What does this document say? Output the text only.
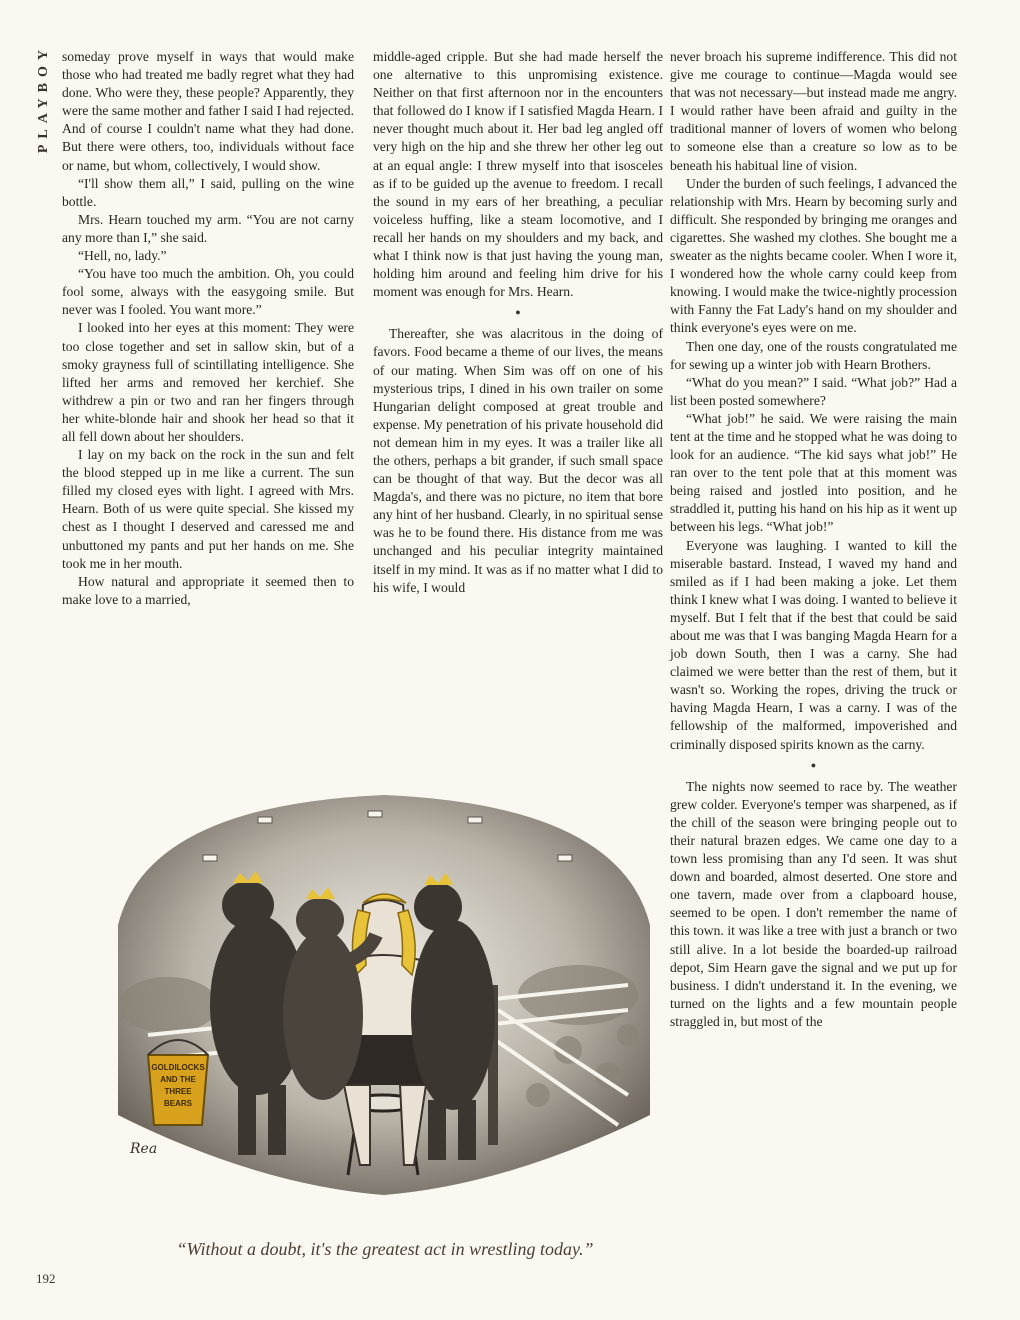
PLAYBOY someday prove myself in ways that would make those who had treated me badly regret what they had done. Who were they, these people? Apparently, they were the same mother and father I said I had rejected. And of course I couldn't name what they had done. But there were others, too, individuals without face or name, but whom, collectively, I would show.

“I'll show them all,” I said, pulling on the wine bottle.

Mrs. Hearn touched my arm. “You are not carny any more than I,” she said.

“Hell, no, lady.”

“You have too much the ambition. Oh, you could fool some, always with the easygoing smile. But never was I fooled. You want more.”

I looked into her eyes at this moment: They were too close together and set in sallow skin, but of a smoky grayness full of scintillating intelligence. She lifted her arms and removed her kerchief. She withdrew a pin or two and ran her fingers through her white-blonde hair and shook her head so that it all fell down about her shoulders.

I lay on my back on the rock in the sun and felt the blood stepped up in me like a current. The sun filled my closed eyes with light. I agreed with Mrs. Hearn. Both of us were quite special. She kissed my chest as I thought I deserved and caressed me and unbuttoned my pants and put her hands on me. She took me in her mouth.

How natural and appropriate it seemed then to make love to a married,

middle-aged cripple. But she had made herself the one alternative to this unpromising existence. Neither on that first afternoon nor in the encounters that followed do I know if I satisfied Magda Hearn. I never thought much about it. Her bad leg angled off very high on the hip and she threw her other leg out at an equal angle: I threw myself into that isosceles as if to be guided up the avenue to freedom. I recall the sound in my ears of her breathing, a peculiar voiceless huffing, like a steam locomotive, and I recall her hands on my shoulders and my back, and what I think now is that just having the young man, holding him around and feeling him drive for his moment was enough for Mrs. Hearn.

●

Thereafter, she was alacritous in the doing of favors. Food became a theme of our lives, the means of our mating. When Sim was off on one of his mysterious trips, I dined in his own trailer on some Hungarian delight composed at great trouble and expense. My penetration of his private household did not demean him in my eyes. It was a trailer like all the others, perhaps a bit grander, if such small space can be thought of that way. But the decor was all Magda's, and there was no picture, no item that bore any hint of her husband. Clearly, in no spiritual sense was he to be found there. His distance from me was unchanged and his peculiar integrity maintained itself in my mind. It was as if no matter what I did to his wife, I would

never broach his supreme indifference. This did not give me courage to continue—Magda would see that was not necessary—but instead made me angry. I would rather have been afraid and guilty in the traditional manner of lovers of women who belong to someone else than a creature so low as to be beneath his habitual line of vision.

Under the burden of such feelings, I advanced the relationship with Mrs. Hearn by becoming surly and difficult. She responded by bringing me oranges and cigarettes. She washed my clothes. She bought me a sweater as the nights became cooler. When I wore it, I wondered how the whole carny could keep from knowing. I would make the twice-nightly procession with Fanny the Fat Lady's hand on my shoulder and think everyone's eyes were on me.

Then one day, one of the rousts congratulated me for sewing up a winter job with Hearn Brothers.

“What do you mean?” I said. “What job?” Had a list been posted somewhere?

“What job!” he said. We were raising the main tent at the time and he stopped what he was doing to look for an audience. “The kid says what job!” He ran over to the tent pole that at this moment was being raised and jostled into position, and he straddled it, putting his hand on his hip as it went up between his legs. “What job!”

Everyone was laughing. I wanted to kill the miserable bastard. Instead, I waved my hand and smiled as if I had been making a joke. Let them think I knew what I was doing. I wanted to believe it myself. But I felt that if the best that could be said about me was that I was banging Magda Hearn for a job down South, then I was a carny. She had claimed we were better than the rest of them, but it wasn't so. Working the ropes, driving the truck or having Magda Hearn, I was a carny. I was of the fellowship of the malformed, impoverished and criminally disposed spirits known as the carny.

●

The nights now seemed to race by. The weather grew colder. Everyone's temper was sharpened, as if the chill of the season were bringing people out to their natural brazen edges. We came one day to a town less promising than any I'd seen. It was shut down and boarded, almost deserted. One store and one tavern, made over from a clapboard house, seemed to be open. I don't remember the name of this town. it was like a tree with just a branch or two still alive. In a lot beside the boarded-up railroad depot, Sim Hearn gave the signal and we put up for business. I didn't understand it. In the evening, we turned on the lights and a few mountain people straggled in, but most of the

GOLDILOCKS
AND THE
THREE
BEARS
Rea
“Without a doubt, it's the greatest act in wrestling today.”
192
